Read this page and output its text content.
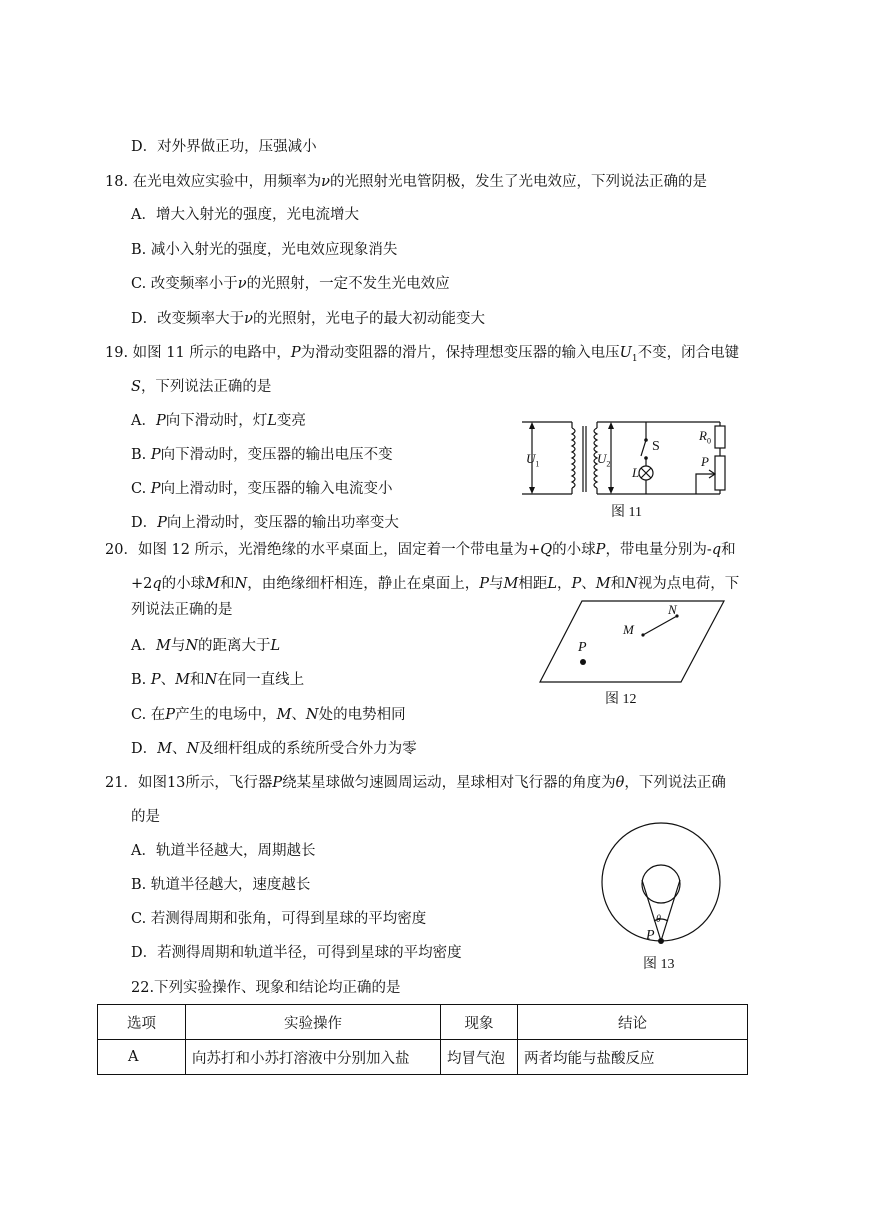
D．对外界做正功，压强减小
18. 在光电效应实验中，用频率为ν的光照射光电管阴极，发生了光电效应，下列说法正确的是
A．增大入射光的强度，光电流增大
B. 减小入射光的强度，光电效应现象消失
C. 改变频率小于ν的光照射，一定不发生光电效应
D．改变频率大于ν的光照射，光电子的最大初动能变大
19. 如图 11 所示的电路中，P为滑动变阻器的滑片，保持理想变压器的输入电压$U_1$不变，闭合电键
S，下列说法正确的是
A．P向下滑动时，灯L变亮
B. P向下滑动时，变压器的输出电压不变
C. P向上滑动时，变压器的输入电流变小
D．P向上滑动时，变压器的输出功率变大
$U_1$	$U_2$
S
L
$R_0$
P
图 11
20．如图 12 所示，光滑绝缘的水平桌面上，固定着一个带电量为+Q的小球P，带电量分别为-q和
+2q的小球M和N，由绝缘细杆相连，静止在桌面上，P与M相距L，P、M和N视为点电荷，下
列说法正确的是
A．M与N的距离大于L
B. P、M和N在同一直线上
C. 在P产生的电场中，M、N处的电势相同
D．M、N及细杆组成的系统所受合外力为零
P
M
N
图 12
21．如图13所示，飞行器P绕某星球做匀速圆周运动，星球相对飞行器的角度为θ，下列说法正确
的是
A．轨道半径越大，周期越长
B. 轨道半径越大，速度越长
C. 若测得周期和张角，可得到星球的平均密度
D．若测得周期和轨道半径，可得到星球的平均密度
θ
P
图 13
22.下列实验操作、现象和结论均正确的是
选项	实验操作	现象	结论
A	向苏打和小苏打溶液中分别加入盐	均冒气泡	两者均能与盐酸反应
